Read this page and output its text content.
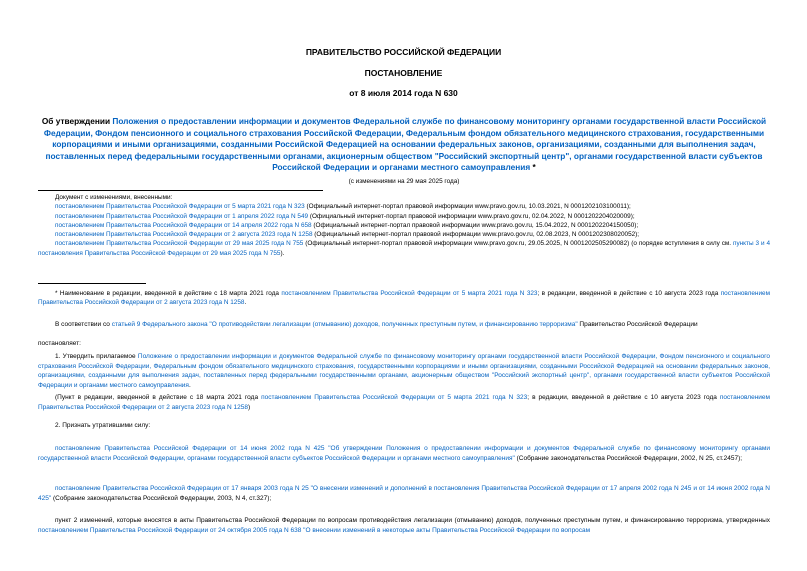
ПРАВИТЕЛЬСТВО РОССИЙСКОЙ ФЕДЕРАЦИИ
ПОСТАНОВЛЕНИЕ
от 8 июля 2014 года N 630
Об утверждении Положения о предоставлении информации и документов Федеральной службе по финансовому мониторингу органами государственной власти Российской Федерации, Фондом пенсионного и социального страхования Российской Федерации, Федеральным фондом обязательного медицинского страхования, государственными корпорациями и иными организациями, созданными Российской Федерацией на основании федеральных законов, организациями, созданными для выполнения задач, поставленных перед федеральными государственными органами, акционерным обществом "Российский экспортный центр", органами государственной власти субъектов Российской Федерации и органами местного самоуправления *
(с изменениями на 29 мая 2025 года)
Документ с изменениями, внесенными:
постановлением Правительства Российской Федерации от 5 марта 2021 года N 323 (Официальный интернет-портал правовой информации www.pravo.gov.ru, 10.03.2021, N 0001202103100011);
постановлением Правительства Российской Федерации от 1 апреля 2022 года N 549 (Официальный интернет-портал правовой информации www.pravo.gov.ru, 02.04.2022, N 0001202204020009);
постановлением Правительства Российской Федерации от 14 апреля 2022 года N 658 (Официальный интернет-портал правовой информации www.pravo.gov.ru, 15.04.2022, N 0001202204150050);
постановлением Правительства Российской Федерации от 2 августа 2023 года N 1258 (Официальный интернет-портал правовой информации www.pravo.gov.ru, 02.08.2023, N 0001202308020052);
постановлением Правительства Российской Федерации от 29 мая 2025 года N 755 (Официальный интернет-портал правовой информации www.pravo.gov.ru, 29.05.2025, N 0001202505290082) (о порядке вступления в силу см. пункты 3 и 4 постановления Правительства Российской Федерации от 29 мая 2025 года N 755).
* Наименование в редакции, введенной в действие с 18 марта 2021 года постановлением Правительства Российской Федерации от 5 марта 2021 года N 323; в редакции, введенной в действие с 10 августа 2023 года постановлением Правительства Российской Федерации от 2 августа 2023 года N 1258.
В соответствии со статьей 9 Федерального закона "О противодействии легализации (отмыванию) доходов, полученных преступным путем, и финансированию терроризма" Правительство Российской Федерации
постановляет:
1. Утвердить прилагаемое Положение о предоставлении информации и документов Федеральной службе по финансовому мониторингу органами государственной власти Российской Федерации, Фондом пенсионного и социального страхования Российской Федерации, Федеральным фондом обязательного медицинского страхования, государственными корпорациями и иными организациями, созданными Российской Федерацией на основании федеральных законов, организациями, созданными для выполнения задач, поставленных перед федеральными государственными органами, акционерным обществом "Российский экспортный центр", органами государственной власти субъектов Российской Федерации и органами местного самоуправления.
(Пункт в редакции, введенной в действие с 18 марта 2021 года постановлением Правительства Российской Федерации от 5 марта 2021 года N 323; в редакции, введенной в действие с 10 августа 2023 года постановлением Правительства Российской Федерации от 2 августа 2023 года N 1258)
2. Признать утратившими силу:
постановление Правительства Российской Федерации от 14 июня 2002 года N 425 "Об утверждении Положения о предоставлении информации и документов Федеральной службе по финансовому мониторингу органами государственной власти Российской Федерации, органами государственной власти субъектов Российской Федерации и органами местного самоуправления" (Собрание законодательства Российской Федерации, 2002, N 25, ст.2457);
постановление Правительства Российской Федерации от 17 января 2003 года N 25 "О внесении изменений и дополнений в постановления Правительства Российской Федерации от 17 апреля 2002 года N 245 и от 14 июня 2002 года N 425" (Собрание законодательства Российской Федерации, 2003, N 4, ст.327);
пункт 2 изменений, которые вносятся в акты Правительства Российской Федерации по вопросам противодействия легализации (отмыванию) доходов, полученных преступным путем, и финансированию терроризма, утвержденных постановлением Правительства Российской Федерации от 24 октября 2005 года N 638 "О внесении изменений в некоторые акты Правительства Российской Федерации по вопросам
